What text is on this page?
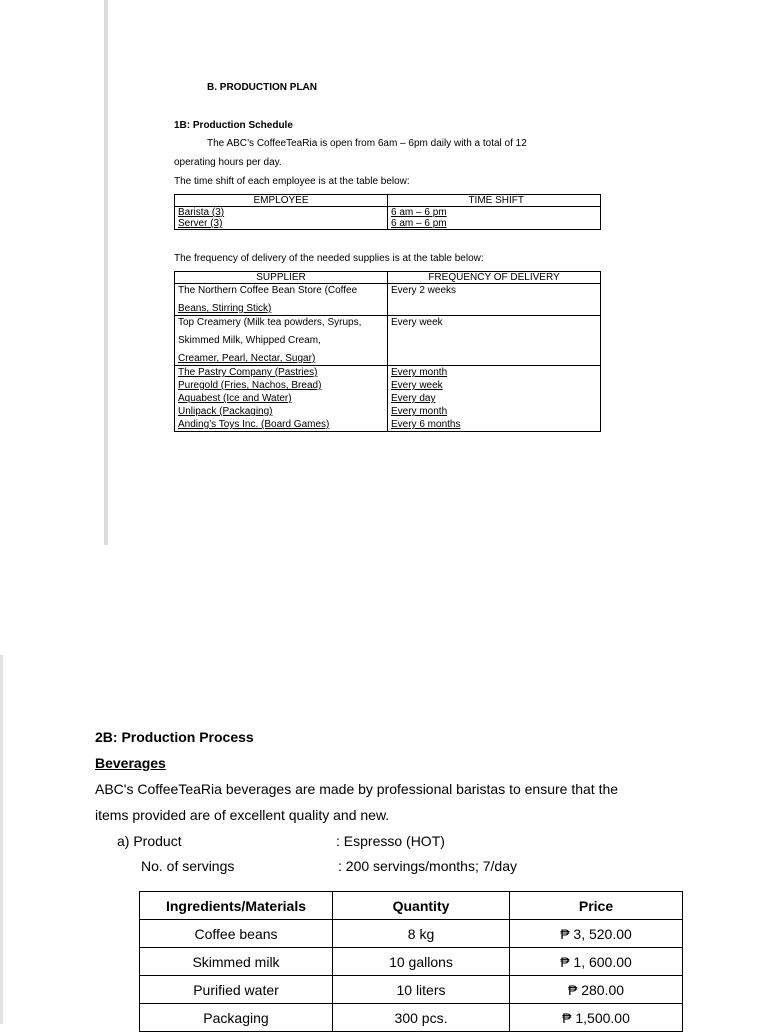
B. PRODUCTION PLAN
1B: Production Schedule
The ABC’s CoffeeTeaRia is open from 6am – 6pm daily with a total of 12
operating hours per day.
The time shift of each employee is at the table below:
EMPLOYEE	TIME SHIFT
Barista (3)	6 am – 6 pm
Server (3)	6 am – 6 pm
The frequency of delivery of the needed supplies is at the table below:
SUPPLIER	FREQUENCY OF DELIVERY

The Northern Coffee Bean Store (Coffee
Beans, Stirring Stick)	Every 2 weeks

Top Creamery (Milk tea powders, Syrups,
Skimmed Milk, Whipped Cream,
Creamer, Pearl, Nectar, Sugar)	Every week
The Pastry Company (Pastries)	Every month
Puregold (Fries, Nachos, Bread)	Every week
Aquabest (Ice and Water)	Every day
Unlipack (Packaging)	Every month
Anding’s Toys Inc. (Board Games)	Every 6 months
2B: Production Process
Beverages
ABC's CoffeeTeaRia beverages are made by professional baristas to ensure that the
items provided are of excellent quality and new.
a) Product	: Espresso (HOT)
No. of servings	: 200 servings/months; 7/day
Ingredients/Materials	Quantity	Price
Coffee beans	8 kg	₱ 3, 520.00
Skimmed milk	10 gallons	₱ 1, 600.00
Purified water	10 liters	₱ 280.00
Packaging	300 pcs.	₱ 1,500.00
